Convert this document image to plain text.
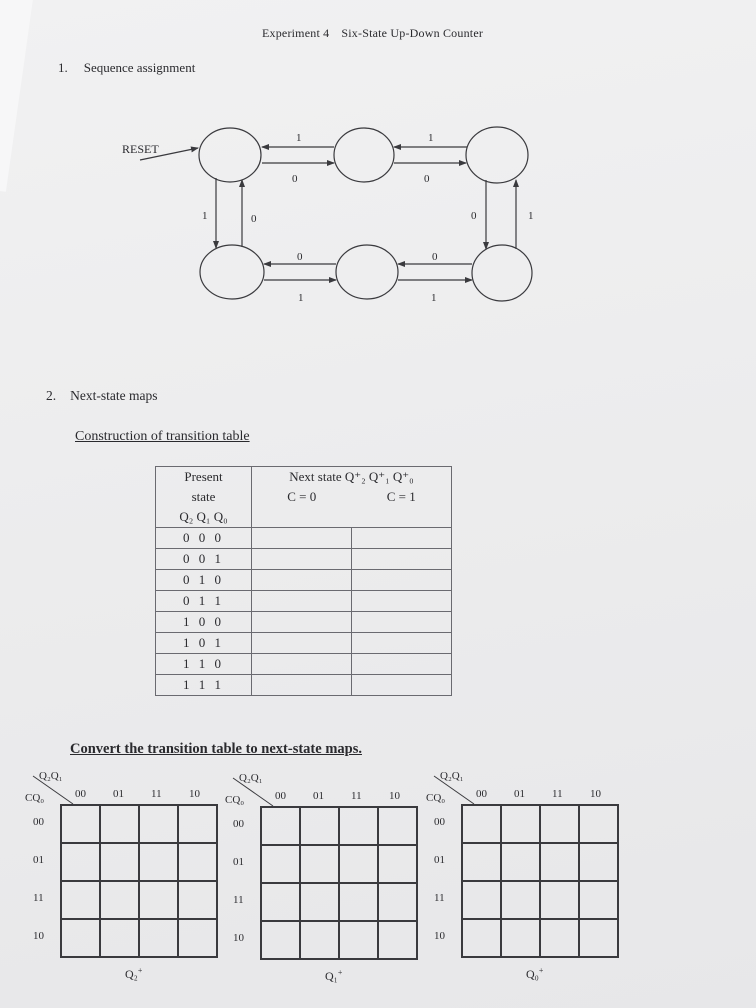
Experiment 4 Six-State Up-Down Counter
1. Sequence assignment
RESET
1
0
1
0
0
1
0
1
1	0	0	1
2. Next-state maps
Construction of transition table
Present	Next state Q⁺₂ Q⁺₁ Q⁺₀	
state	C = 0	C = 1
Q₂ Q₁ Q₀		
0 0 0		
0 0 1		
0 1 0		
0 1 1		
1 0 0		
1 0 1		
1 1 0		
1 1 1		
Convert the transition table to next-state maps.
Q₂Q₁
CQ₀	00 01 11 10
00
01
11
10
Q₂+
Q₂Q₁
CQ₀	00 01 11 10
00
01
11
10
Q₁+
Q₂Q₁
CQ₀	00 01 11 10
00
01
11
10
Q₀+
